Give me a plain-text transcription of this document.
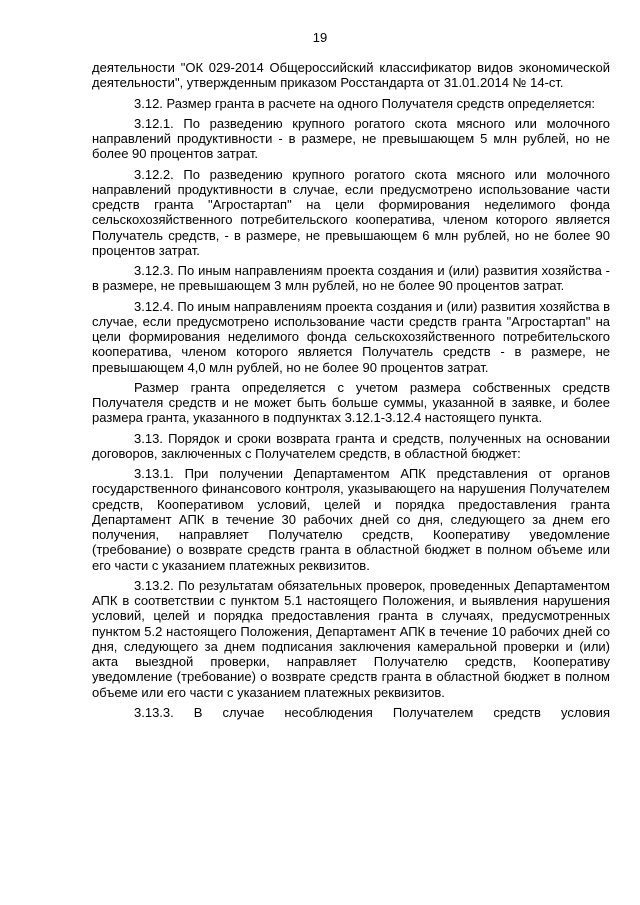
19

деятельности "ОК 029-2014 Общероссийский классификатор видов экономической деятельности", утвержденным приказом Росстандарта от 31.01.2014 № 14-ст.

3.12. Размер гранта в расчете на одного Получателя средств определяется:

3.12.1. По разведению крупного рогатого скота мясного или молочного направлений продуктивности - в размере, не превышающем 5 млн рублей, но не более 90 процентов затрат.

3.12.2. По разведению крупного рогатого скота мясного или молочного направлений продуктивности в случае, если предусмотрено использование части средств гранта "Агростартап" на цели формирования неделимого фонда сельскохозяйственного потребительского кооператива, членом которого является Получатель средств, - в размере, не превышающем 6 млн рублей, но не более 90 процентов затрат.

3.12.3. По иным направлениям проекта создания и (или) развития хозяйства - в размере, не превышающем 3 млн рублей, но не более 90 процентов затрат.

3.12.4. По иным направлениям проекта создания и (или) развития хозяйства в случае, если предусмотрено использование части средств гранта "Агростартап" на цели формирования неделимого фонда сельскохозяйственного потребительского кооператива, членом которого является Получатель средств - в размере, не превышающем 4,0 млн рублей, но не более 90 процентов затрат.

Размер гранта определяется с учетом размера собственных средств Получателя средств и не может быть больше суммы, указанной в заявке, и более размера гранта, указанного в подпунктах 3.12.1-3.12.4 настоящего пункта.

3.13. Порядок и сроки возврата гранта и средств, полученных на основании договоров, заключенных с Получателем средств, в областной бюджет:

3.13.1. При получении Департаментом АПК представления от органов государственного финансового контроля, указывающего на нарушения Получателем средств, Кооперативом условий, целей и порядка предоставления гранта Департамент АПК в течение 30 рабочих дней со дня, следующего за днем его получения, направляет Получателю средств, Кооперативу уведомление (требование) о возврате средств гранта в областной бюджет в полном объеме или его части с указанием платежных реквизитов.

3.13.2. По результатам обязательных проверок, проведенных Департаментом АПК в соответствии с пунктом 5.1 настоящего Положения, и выявления нарушения условий, целей и порядка предоставления гранта в случаях, предусмотренных пунктом 5.2 настоящего Положения, Департамент АПК в течение 10 рабочих дней со дня, следующего за днем подписания заключения камеральной проверки и (или) акта выездной проверки, направляет Получателю средств, Кооперативу уведомление (требование) о возврате средств гранта в областной бюджет в полном объеме или его части с указанием платежных реквизитов.

3.13.3. В случае несоблюдения Получателем средств условия
